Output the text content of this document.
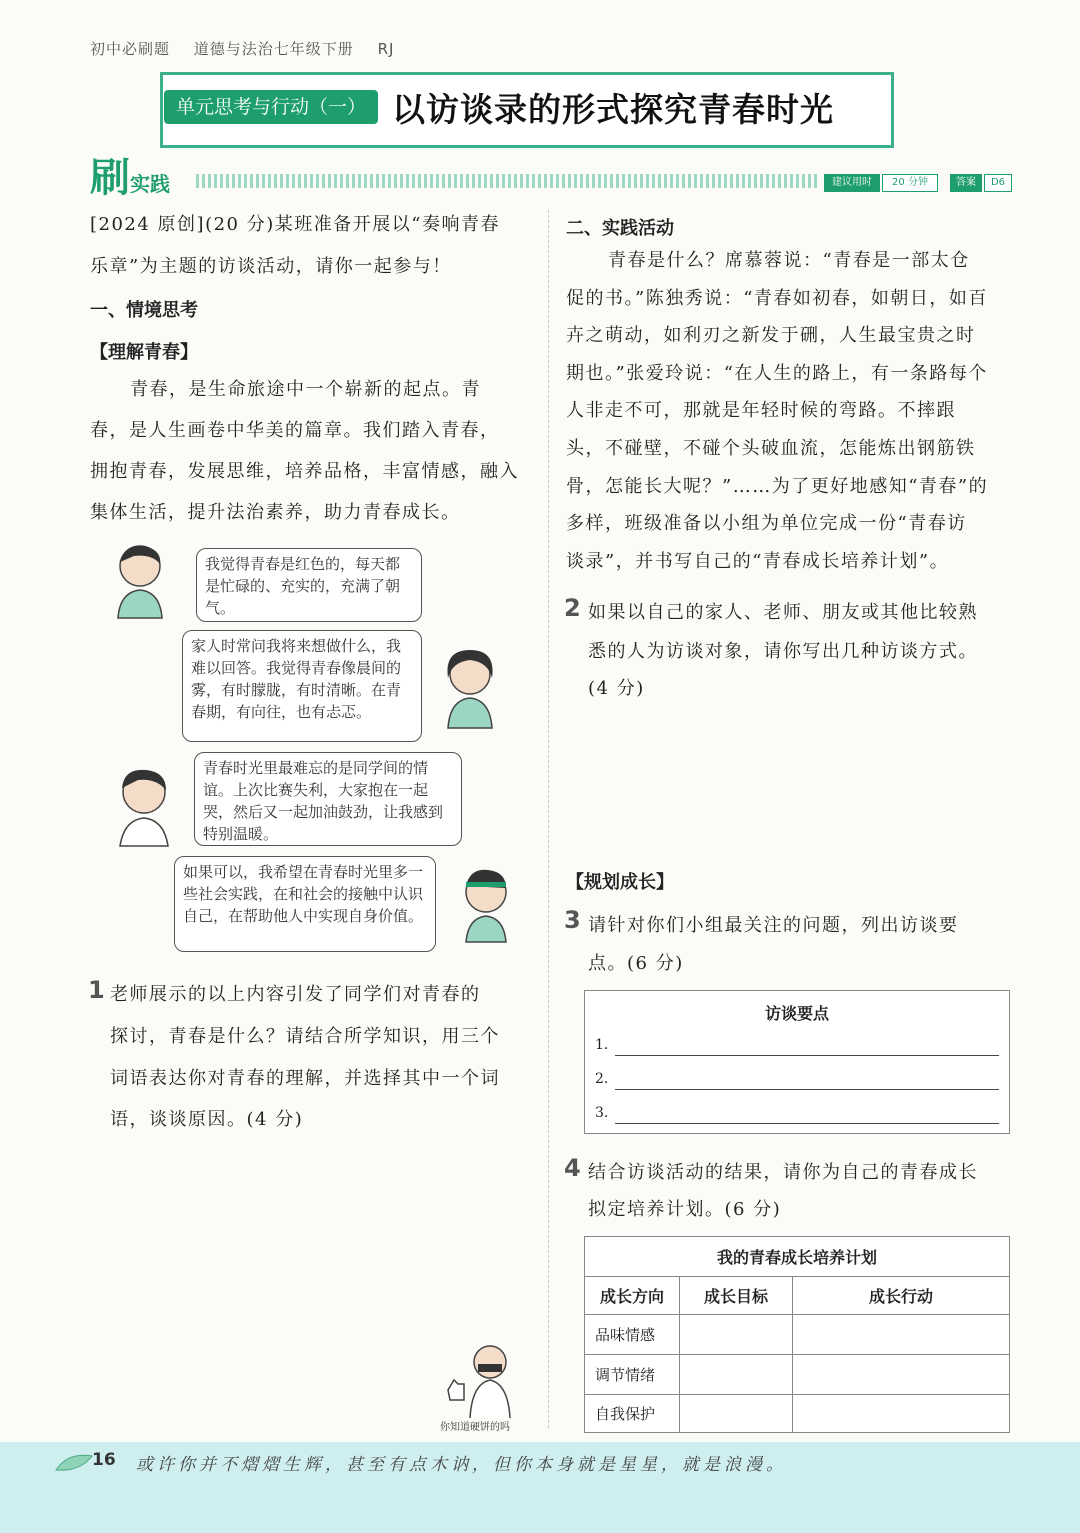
初中必刷题 道德与法治七年级下册 RJ
单元思考与行动（一） 以访谈录的形式探究青春时光
刷 实践	建议用时	20 分钟	答案	D6
[2024 原创](20 分)某班准备开展以“奏响青春
乐章”为主题的访谈活动，请你一起参与！
一、情境思考
【理解青春】
青春，是生命旅途中一个崭新的起点。青
春，是人生画卷中华美的篇章。我们踏入青春，
拥抱青春，发展思维，培养品格，丰富情感，融入
集体生活，提升法治素养，助力青春成长。
我觉得青春是红色的，每天都是忙碌的、充实的，充满了朝气。
家人时常问我将来想做什么，我难以回答。我觉得青春像晨间的雾，有时朦胧，有时清晰。在青春期，有向往，也有忐忑。
青春时光里最难忘的是同学间的情谊。上次比赛失利，大家抱在一起哭，然后又一起加油鼓劲，让我感到特别温暖。
如果可以，我希望在青春时光里多一些社会实践，在和社会的接触中认识自己，在帮助他人中实现自身价值。
1 老师展示的以上内容引发了同学们对青春的
探讨，青春是什么？请结合所学知识，用三个
词语表达你对青春的理解，并选择其中一个词
语，谈谈原因。(4 分)
你知道硬饼的吗
二、实践活动
青春是什么？席慕蓉说：“青春是一部太仓
促的书。”陈独秀说：“青春如初春，如朝日，如百
卉之萌动，如利刃之新发于硎，人生最宝贵之时
期也。”张爱玲说：“在人生的路上，有一条路每个
人非走不可，那就是年轻时候的弯路。不摔跟
头，不碰壁，不碰个头破血流，怎能炼出钢筋铁
骨，怎能长大呢？”……为了更好地感知“青春”的
多样，班级准备以小组为单位完成一份“青春访
谈录”，并书写自己的“青春成长培养计划”。
2 如果以自己的家人、老师、朋友或其他比较熟
悉的人为访谈对象，请你写出几种访谈方式。
(4 分)
【规划成长】
3 请针对你们小组最关注的问题，列出访谈要
点。(6 分)
访谈要点
1.
2.
3.
4 结合访谈活动的结果，请你为自己的青春成长
拟定培养计划。(6 分)
我的青春成长培养计划		
成长方向	成长目标	成长行动
品味情感		
调节情绪		
自我保护		
16 或许你并不熠熠生辉，甚至有点木讷，但你本身就是星星，就是浪漫。
